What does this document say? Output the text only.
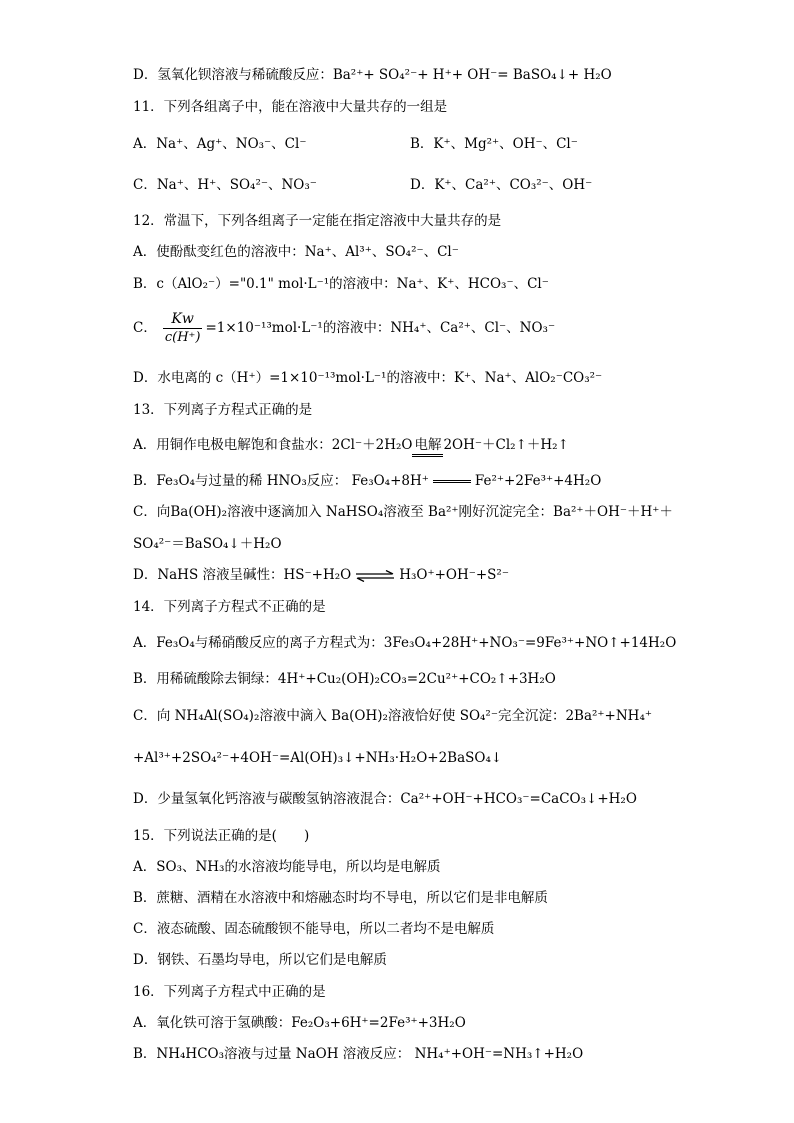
D．氢氧化钡溶液与稀硫酸反应：Ba²⁺+ SO₄²⁻+ H⁺+ OH⁻= BaSO₄↓+ H₂O
11．下列各组离子中，能在溶液中大量共存的一组是
A．Na⁺、Ag⁺、NO₃⁻、Cl⁻	B．K⁺、Mg²⁺、OH⁻、Cl⁻
C．Na⁺、H⁺、SO₄²⁻、NO₃⁻	D．K⁺、Ca²⁺、CO₃²⁻、OH⁻
12．常温下，下列各组离子一定能在指定溶液中大量共存的是
A．使酚酞变红色的溶液中：Na⁺、Al³⁺、SO₄²⁻、Cl⁻
B．c（AlO₂⁻）="0.1" mol·L⁻¹的溶液中：Na⁺、K⁺、HCO₃⁻、Cl⁻
C． $\frac{Kw}{c(H^+)} =1\times 10^{-13}mol\cdot L^{-1}$的溶液中：NH₄⁺、Ca²⁺、Cl⁻、NO₃⁻
D．水电离的 c（H⁺）=1×10⁻¹³mol·L⁻¹的溶液中：K⁺、Na⁺、AlO₂⁻CO₃²⁻
13．下列离子方程式正确的是
A．用铜作电极电解饱和食盐水：2Cl⁻＋2H₂O 电解 2OH⁻＋Cl₂↑＋H₂↑
B．Fe₃O₄与过量的稀 HNO₃反应： Fe₃O₄+8H⁺	Fe²⁺+2Fe³⁺+4H₂O
C．向Ba(OH)₂溶液中逐滴加入 NaHSO₄溶液至 Ba²⁺刚好沉淀完全：Ba²⁺＋OH⁻＋H⁺＋
SO₄²⁻＝BaSO₄↓＋H₂O
D．NaHS 溶液呈碱性：HS⁻+H₂O ⇌ H₃O⁺+OH⁻+S²⁻
14．下列离子方程式不正确的是
A．Fe₃O₄与稀硝酸反应的离子方程式为：3Fe₃O₄+28H⁺+NO₃⁻=9Fe³⁺+NO↑+14H₂O
B．用稀硫酸除去铜绿：4H⁺+Cu₂(OH)₂CO₃=2Cu²⁺+CO₂↑+3H₂O
C．向 NH₄Al(SO₄)₂溶液中滴入 Ba(OH)₂溶液恰好使 SO₄²⁻完全沉淀：2Ba²⁺+NH₄⁺
+Al³⁺+2SO₄²⁻+4OH⁻=Al(OH)₃↓+NH₃·H₂O+2BaSO₄↓
D．少量氢氧化钙溶液与碳酸氢钠溶液混合：Ca²⁺+OH⁻+HCO₃⁻=CaCO₃↓+H₂O
15．下列说法正确的是(　　)
A．SO₃、NH₃的水溶液均能导电，所以均是电解质
B．蔗糖、酒精在水溶液中和熔融态时均不导电，所以它们是非电解质
C．液态硫酸、固态硫酸钡不能导电，所以二者均不是电解质
D．钢铁、石墨均导电，所以它们是电解质
16．下列离子方程式中正确的是
A．氧化铁可溶于氢碘酸：Fe₂O₃+6H⁺=2Fe³⁺+3H₂O
B．NH₄HCO₃溶液与过量 NaOH 溶液反应： NH₄⁺+OH⁻=NH₃↑+H₂O
